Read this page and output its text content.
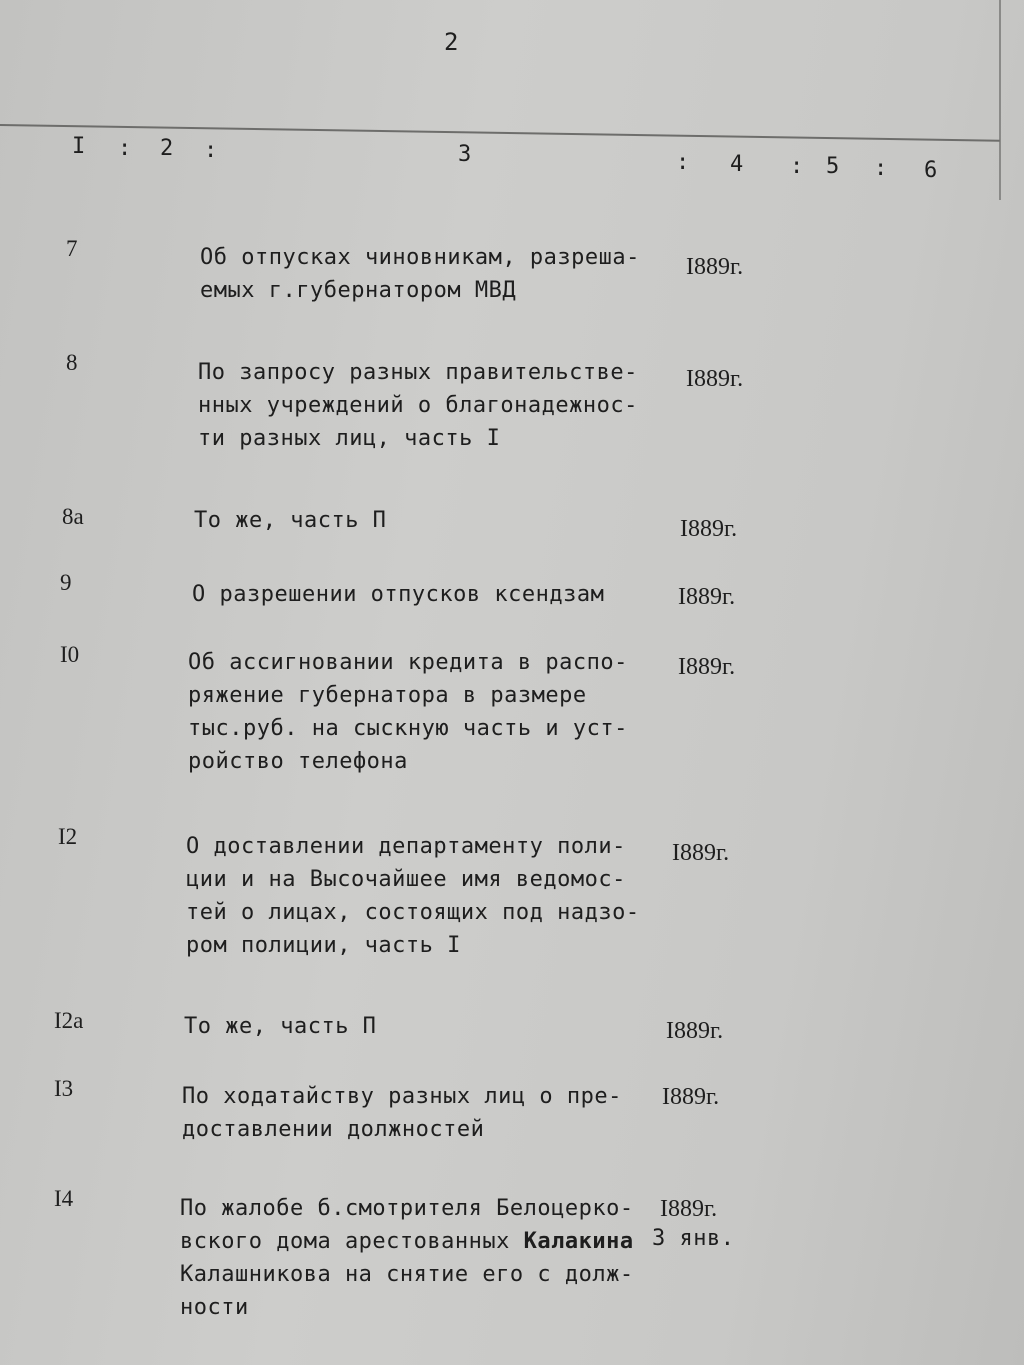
2
I : 2 :	3	: 4 : 5 : 6
7	Об отпусках чиновникам, разреша-
емых г.губернатором МВД
I889г.
8	По запросу разных правительстве-
нных учреждений о благонадежнос-
ти разных лиц, часть I
I889г.
8а	То же, часть П	I889г.
9	О разрешении отпусков ксендзам	I889г.
I0	Об ассигновании кредита в распо-
ряжение губернатора в размере
тыс.руб. на сыскную часть и уст-
ройство телефона
I889г.
I2	О доставлении департаменту поли-
ции и на Высочайшее имя ведомос-
тей о лицах, состоящих под надзо-
ром полиции, часть I
I889г.
I2а	То же, часть П	I889г.
I3	По ходатайству разных лиц о пре-
доставлении должностей
I889г.
I4	По жалобе б.смотрителя Белоцерко-
вского дома арестованных Калакина
Калашникова на снятие его с долж-
ности
I889г.
3 янв.
